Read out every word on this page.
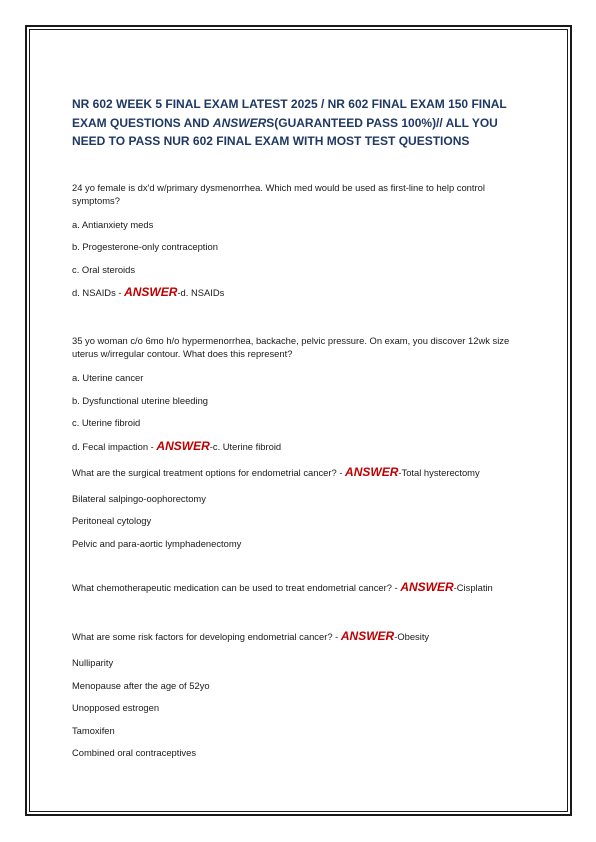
NR 602 WEEK 5 FINAL EXAM LATEST 2025 / NR 602 FINAL EXAM 150 FINAL EXAM QUESTIONS AND ANSWERS(GUARANTEED PASS 100%)// ALL YOU NEED TO PASS NUR 602 FINAL EXAM WITH MOST TEST QUESTIONS
24 yo female is dx'd w/primary dysmenorrhea. Which med would be used as first-line to help control symptoms?
a. Antianxiety meds
b. Progesterone-only contraception
c. Oral steroids
d. NSAIDs - ANSWER-d. NSAIDs
35 yo woman c/o 6mo h/o hypermenorrhea, backache, pelvic pressure. On exam, you discover 12wk size uterus w/irregular contour. What does this represent?
a. Uterine cancer
b. Dysfunctional uterine bleeding
c. Uterine fibroid
d. Fecal impaction - ANSWER-c. Uterine fibroid
What are the surgical treatment options for endometrial cancer? - ANSWER-Total hysterectomy
Bilateral salpingo-oophorectomy
Peritoneal cytology
Pelvic and para-aortic lymphadenectomy
What chemotherapeutic medication can be used to treat endometrial cancer? - ANSWER-Cisplatin
What are some risk factors for developing endometrial cancer? - ANSWER-Obesity
Nulliparity
Menopause after the age of 52yo
Unopposed estrogen
Tamoxifen
Combined oral contraceptives
